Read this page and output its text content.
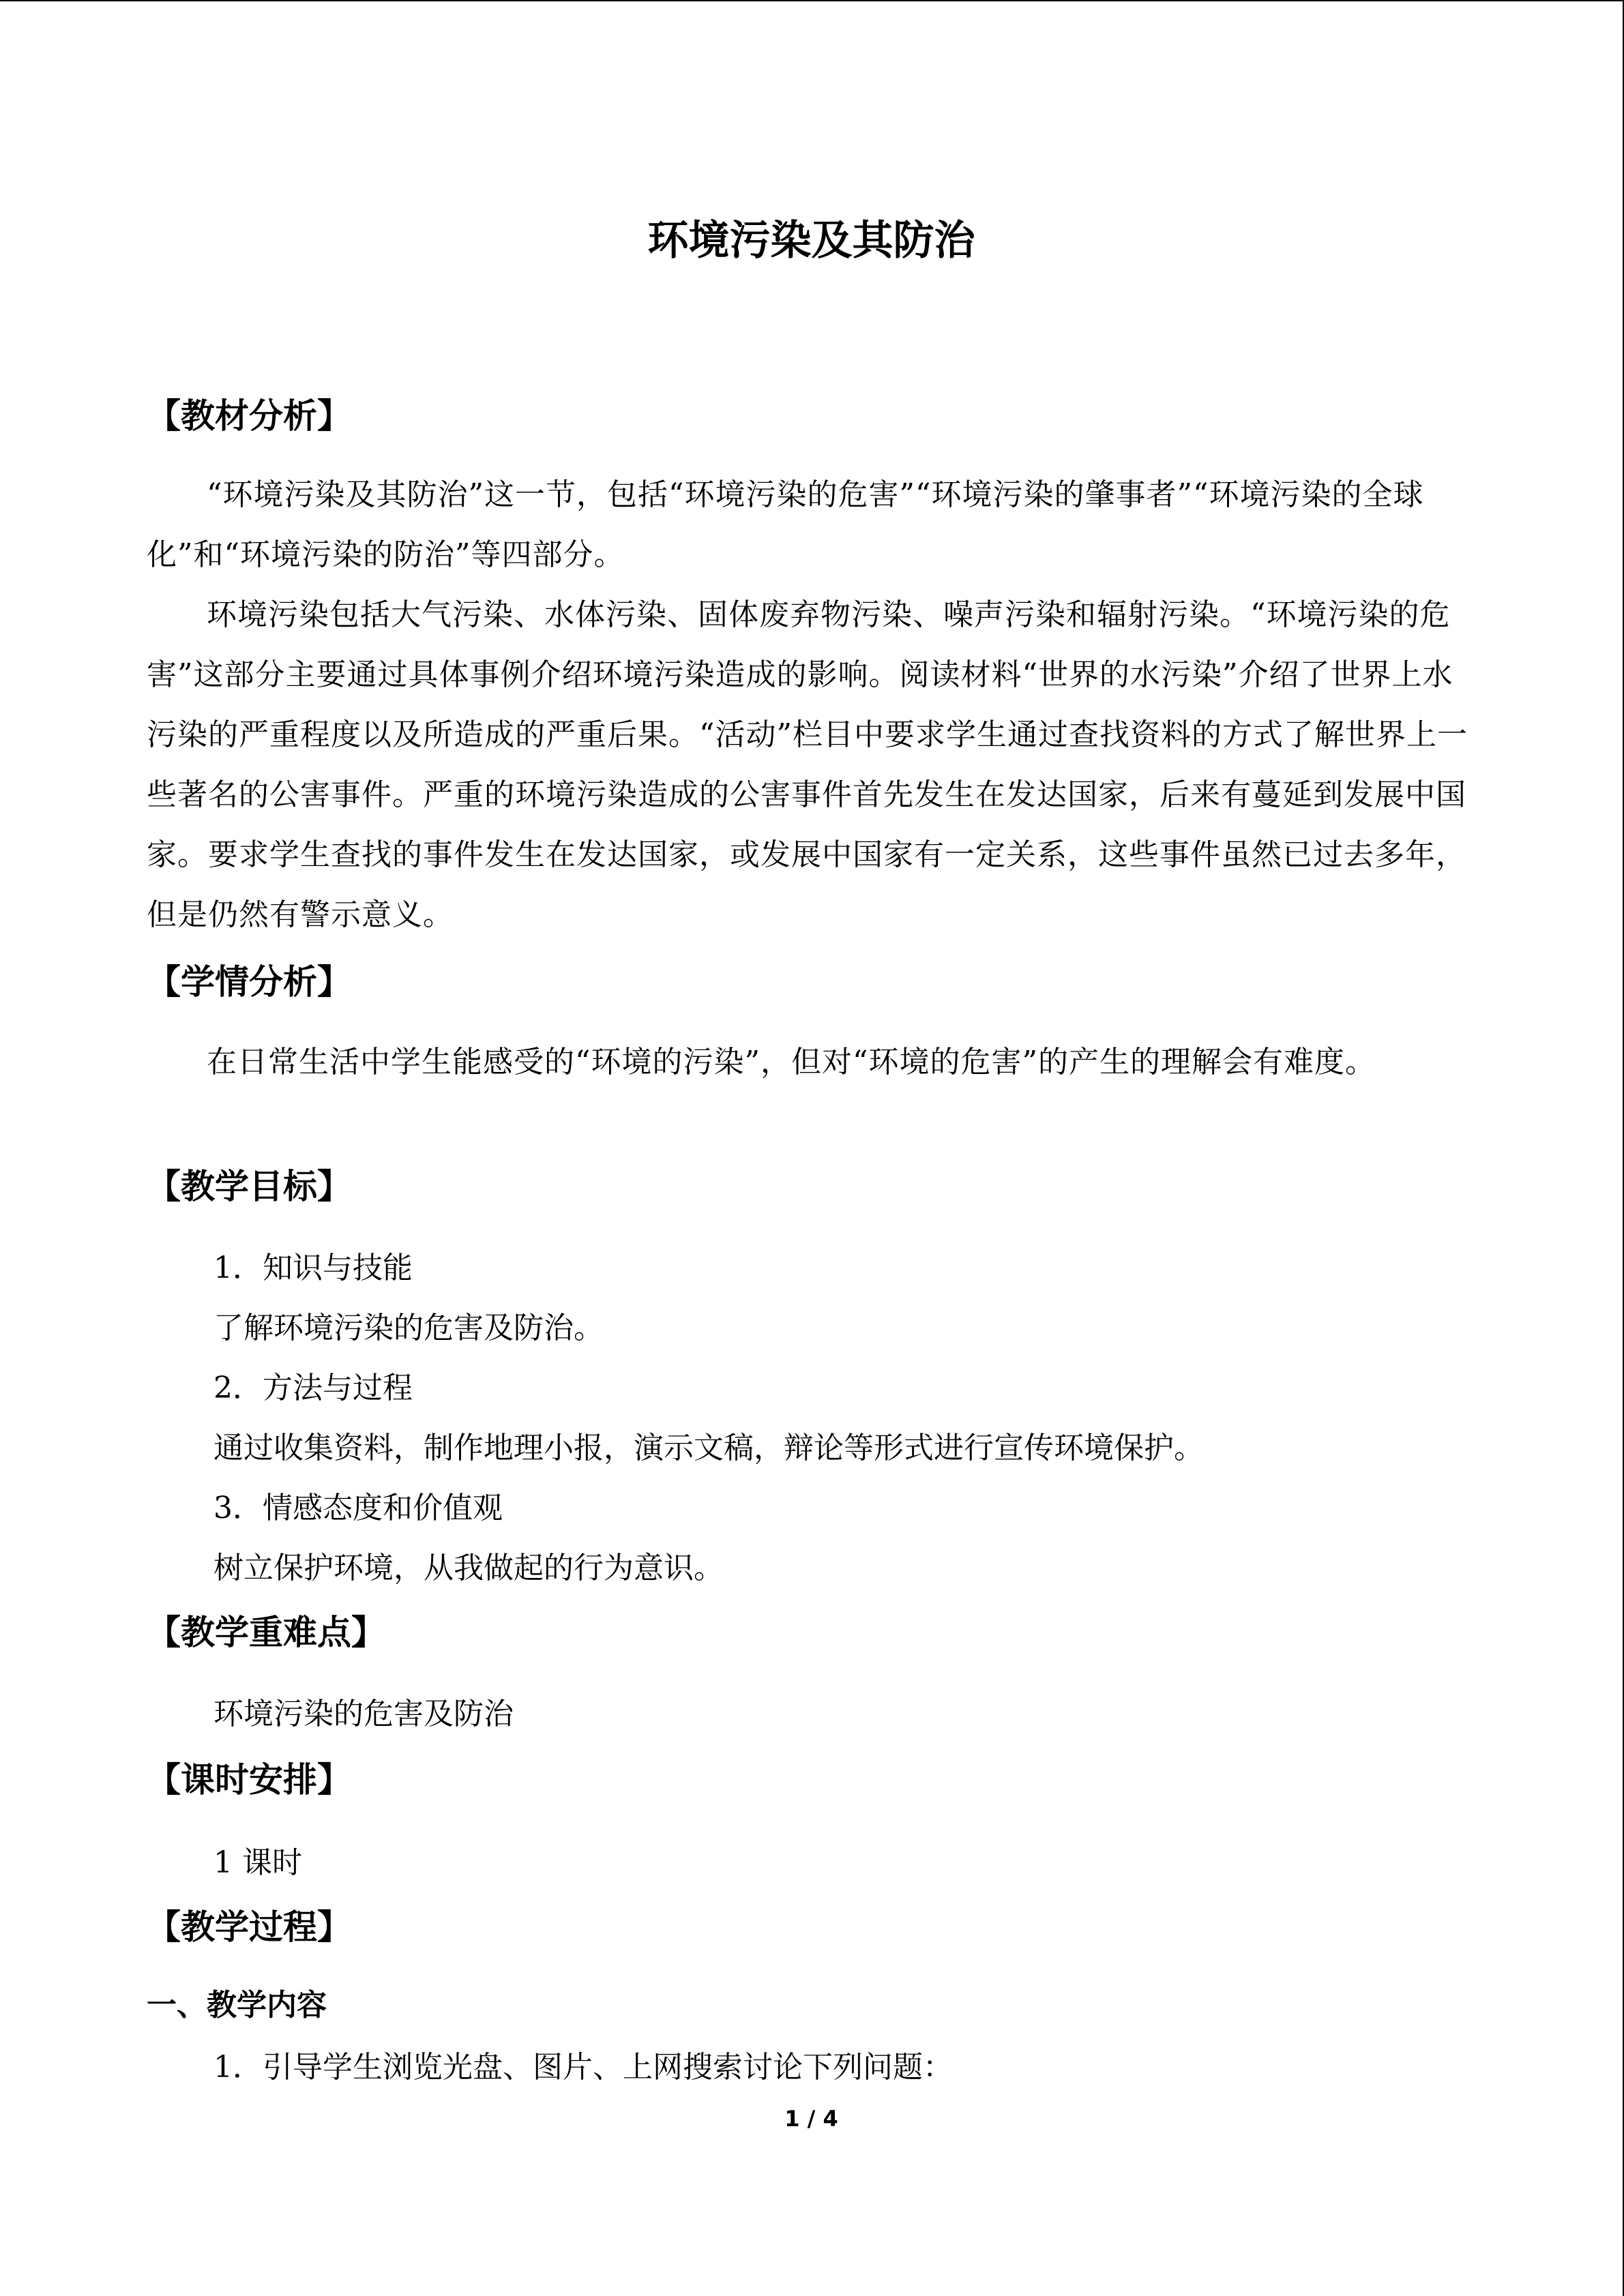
环境污染及其防治
【教材分析】

“环境污染及其防治”这一节，包括“环境污染的危害”“环境污染的肇事者”“环境污染的全球化”和“环境污染的防治”等四部分。

环境污染包括大气污染、水体污染、固体废弃物污染、噪声污染和辐射污染。“环境污染的危害”这部分主要通过具体事例介绍环境污染造成的影响。阅读材料“世界的水污染”介绍了世界上水污染的严重程度以及所造成的严重后果。“活动”栏目中要求学生通过查找资料的方式了解世界上一些著名的公害事件。严重的环境污染造成的公害事件首先发生在发达国家，后来有蔓延到发展中国家。要求学生查找的事件发生在发达国家，或发展中国家有一定关系，这些事件虽然已过去多年，但是仍然有警示意义。

【学情分析】

在日常生活中学生能感受的“环境的污染”，但对“环境的危害”的产生的理解会有难度。

【教学目标】

1．知识与技能

了解环境污染的危害及防治。

2．方法与过程

通过收集资料，制作地理小报，演示文稿，辩论等形式进行宣传环境保护。

3．情感态度和价值观

树立保护环境，从我做起的行为意识。

【教学重难点】

环境污染的危害及防治

【课时安排】

1 课时

【教学过程】
一、教学内容

1．引导学生浏览光盘、图片、上网搜索讨论下列问题：

1 / 4
